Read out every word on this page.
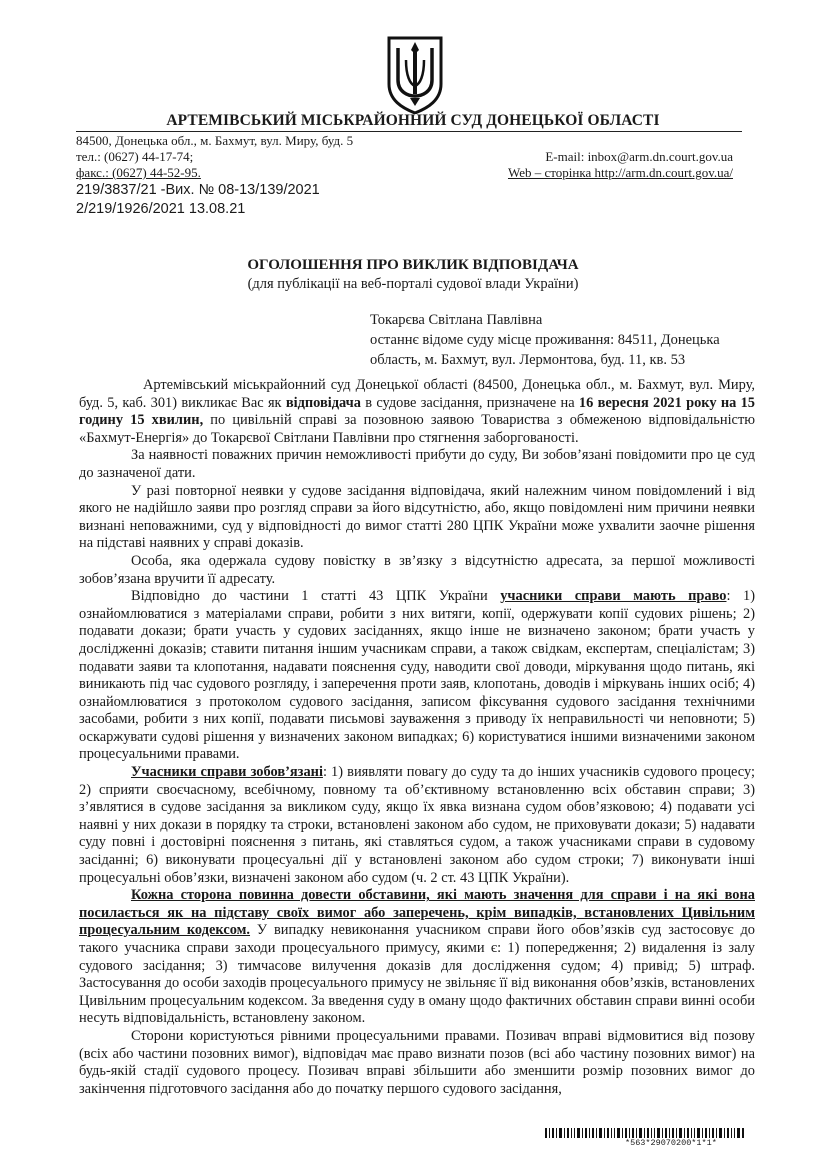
АРТЕМІВСЬКИЙ МІСЬКРАЙОННИЙ СУД ДОНЕЦЬКОЇ ОБЛАСТІ
84500, Донецька обл., м. Бахмут, вул. Миру, буд. 5
тел.: (0627) 44-17-74;
факс.: (0627) 44-52-95.
E-mail: inbox@arm.dn.court.gov.ua
Web – сторінка http://arm.dn.court.gov.ua/
219/3837/21 -Вих. № 08-13/139/2021
2/219/1926/2021 13.08.21
ОГОЛОШЕННЯ ПРО ВИКЛИК ВІДПОВІДАЧА
(для публікації на веб-порталі судової влади України)
Токарєва Світлана Павлівна
останнє відоме суду місце проживання: 84511, Донецька
область, м. Бахмут, вул. Лермонтова, буд. 11, кв. 53

Артемівський міськрайонний суд Донецької області (84500, Донецька обл., м. Бахмут, вул. Миру, буд. 5, каб. 301) викликає Вас як відповідача в судове засідання, призначене на 16 вересня 2021 року на 15 годину 15 хвилин, по цивільній справі за позовною заявою Товариства з обмеженою відповідальністю «Бахмут-Енергія» до Токарєвої Світлани Павлівни про стягнення заборгованості.

За наявності поважних причин неможливості прибути до суду, Ви зобов’язані повідомити про це суд до зазначеної дати.

У разі повторної неявки у судове засідання відповідача, який належним чином повідомлений і від якого не надійшло заяви про розгляд справи за його відсутністю, або, якщо повідомлені ним причини неявки визнані неповажними, суд у відповідності до вимог статті 280 ЦПК України може ухвалити заочне рішення на підставі наявних у справі доказів.

Особа, яка одержала судову повістку в зв’язку з відсутністю адресата, за першої можливості зобов’язана вручити її адресату.

Відповідно до частини 1 статті 43 ЦПК України учасники справи мають право: 1) ознайомлюватися з матеріалами справи, робити з них витяги, копії, одержувати копії судових рішень; 2) подавати докази; брати участь у судових засіданнях, якщо інше не визначено законом; брати участь у дослідженні доказів; ставити питання іншим учасникам справи, а також свідкам, експертам, спеціалістам; 3) подавати заяви та клопотання, надавати пояснення суду, наводити свої доводи, міркування щодо питань, які виникають під час судового розгляду, і заперечення проти заяв, клопотань, доводів і міркувань інших осіб; 4) ознайомлюватися з протоколом судового засідання, записом фіксування судового засідання технічними засобами, робити з них копії, подавати письмові зауваження з приводу їх неправильності чи неповноти; 5) оскаржувати судові рішення у визначених законом випадках; 6) користуватися іншими визначеними законом процесуальними правами.

Учасники справи зобов’язані: 1) виявляти повагу до суду та до інших учасників судового процесу; 2) сприяти своєчасному, всебічному, повному та об’єктивному встановленню всіх обставин справи; 3) з’являтися в судове засідання за викликом суду, якщо їх явка визнана судом обов’язковою; 4) подавати усі наявні у них докази в порядку та строки, встановлені законом або судом, не приховувати докази; 5) надавати суду повні і достовірні пояснення з питань, які ставляться судом, а також учасниками справи в судовому засіданні; 6) виконувати процесуальні дії у встановлені законом або судом строки; 7) виконувати інші процесуальні обов’язки, визначені законом або судом (ч. 2 ст. 43 ЦПК України).

Кожна сторона повинна довести обставини, які мають значення для справи і на які вона посилається як на підставу своїх вимог або заперечень, крім випадків, встановлених Цивільним процесуальним кодексом. У випадку невиконання учасником справи його обов’язків суд застосовує до такого учасника справи заходи процесуального примусу, якими є: 1) попередження; 2) видалення із залу судового засідання; 3) тимчасове вилучення доказів для дослідження судом; 4) привід; 5) штраф. Застосування до особи заходів процесуального примусу не звільняє її від виконання обов’язків, встановлених Цивільним процесуальним кодексом. За введення суду в оману щодо фактичних обставин справи винні особи несуть відповідальність, встановлену законом.

Сторони користуються рівними процесуальними правами. Позивач вправі відмовитися від позову (всіх або частини позовних вимог), відповідач має право визнати позов (всі або частину позовних вимог) на будь-якій стадії судового процесу. Позивач вправі збільшити або зменшити розмір позовних вимог до закінчення підготовчого засідання або до початку першого судового засідання,

*563*29070200*1*1*
